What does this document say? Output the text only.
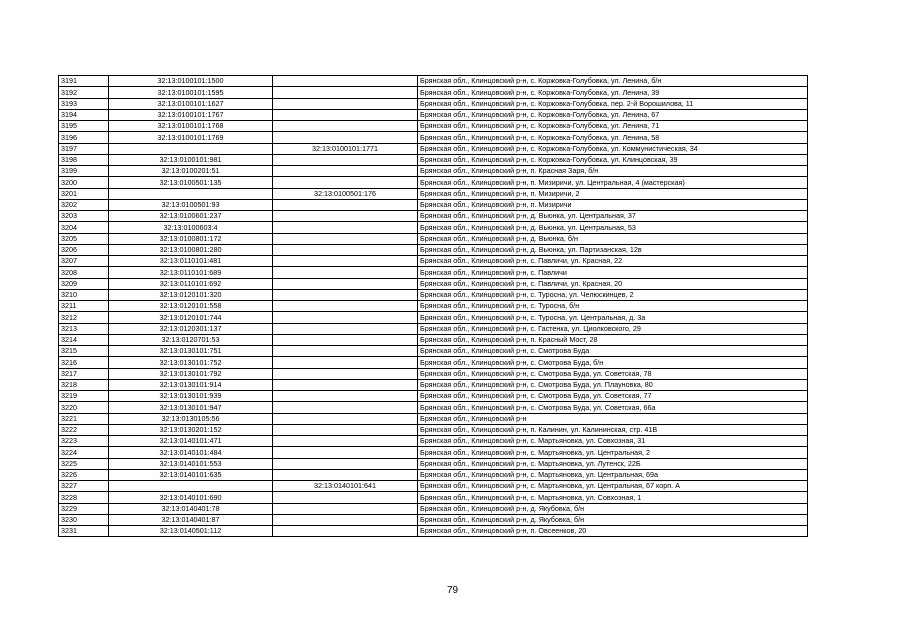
3191	32:13:0100101:1500		Брянская обл., Клинцовский р-н, с. Коржовка-Голубовка, ул. Ленина, б/н
3192	32:13:0100101:1595		Брянская обл., Клинцовский р-н, с. Коржовка-Голубовка, ул. Ленина, 39
3193	32:13:0100101:1627		Брянская обл., Клинцовский р-н, с. Коржовка-Голубовка, пер. 2-й Ворошилова, 11
3194	32:13:0100101:1767		Брянская обл., Клинцовский р-н, с. Коржовка-Голубовка, ул. Ленина, 67
3195	32:13:0100101:1768		Брянская обл., Клинцовский р-н, с. Коржовка-Голубовка, ул. Ленина, 71
3196	32:13:0100101:1769		Брянская обл., Клинцовский р-н, с. Коржовка-Голубовка, ул. Ленина, 58
3197		32:13:0100101:1771	Брянская обл., Клинцовский р-н, с. Коржовка-Голубовка, ул. Коммунистическая, 34
3198	32:13:0100101:981		Брянская обл., Клинцовский р-н, с. Коржовка-Голубовка, ул. Клинцовская, 39
3199	32:13:0100201:51		Брянская обл., Клинцовский р-н, п. Красная Заря, б/н
3200	32:13:0100501:135		Брянская обл., Клинцовский р-н, п. Мизиричи, ул. Центральная, 4 (мастерская)
3201		32:13:0100501:176	Брянская обл., Клинцовский р-н, п. Мизиричи, 2
3202	32:13:0100501:93		Брянская обл., Клинцовский р-н, п. Мизиричи
3203	32:13:0100601:237		Брянская обл., Клинцовский р-н, д. Вьюнка, ул. Центральная, 37
3204	32:13:0100603:4		Брянская обл., Клинцовский р-н, д. Вьюнка, ул. Центральная, 53
3205	32:13:0100801:172		Брянская обл., Клинцовский р-н, д. Вьюнка, б/н
3206	32:13:0100801:280		Брянская обл., Клинцовский р-н, д. Вьюнка, ул. Партизанская, 12в
3207	32:13:0110101:481		Брянская обл., Клинцовский р-н, с. Павличи, ул. Красная, 22
3208	32:13:0110101:689		Брянская обл., Клинцовский р-н, с. Павличи
3209	32:13:0110101:692		Брянская обл., Клинцовский р-н, с. Павличи, ул. Красная, 20
3210	32:13:0120101:320		Брянская обл., Клинцовский р-н, с. Туросна, ул. Челюскинцев, 2
3211	32:13:0120101:558		Брянская обл., Клинцовский р-н, с. Туросна, б/н
3212	32:13:0120101:744		Брянская обл., Клинцовский р-н, с. Туросна, ул. Центральная, д. 3а
3213	32:13:0120301:137		Брянская обл., Клинцовский р-н, с. Гастенка, ул. Циолковского, 29
3214	32:13:0120701:53		Брянская обл., Клинцовский р-н, п. Красный Мост, 28
3215	32:13:0130101:751		Брянская обл., Клинцовский р-н, с. Смотрова Буда
3216	32:13:0130101:752		Брянская обл., Клинцовский р-н, с. Смотрова Буда, б/н
3217	32:13:0130101:792		Брянская обл., Клинцовский р-н, с. Смотрова Буда, ул. Советская, 78
3218	32:13:0130101:914		Брянская обл., Клинцовский р-н, с. Смотрова Буда, ул. Плауновка, 80
3219	32:13:0130101:939		Брянская обл., Клинцовский р-н, с. Смотрова Буда, ул. Советская, 77
3220	32:13:0130101:947		Брянская обл., Клинцовский р-н, с. Смотрова Буда, ул. Советская, 66а
3221	32:13:0130105:56		Брянская обл., Клинцовский р-н
3222	32:13:0130201:152		Брянская обл., Клинцовский р-н, п. Калинин, ул. Калининская, стр. 41В
3223	32:13:0140101:471		Брянская обл., Клинцовский р-н, с. Мартьяновка, ул. Совхозная, 31
3224	32:13:0140101:484		Брянская обл., Клинцовский р-н, с. Мартьяновка, ул. Центральная, 2
3225	32:13:0140101:553		Брянская обл., Клинцовский р-н, с. Мартьяновка, ул. Лутенск, 22Б
3226	32:13:0140101:635		Брянская обл., Клинцовский р-н, с. Мартьяновка, ул. Центральная, 69а
3227		32:13:0140101:641	Брянская обл., Клинцовский р-н, с. Мартьяновка, ул. Центральная, 67 корп. А
3228	32:13:0140101:690		Брянская обл., Клинцовский р-н, с. Мартьяновка, ул. Совхозная, 1
3229	32:13:0140401:78		Брянская обл., Клинцовский р-н, д. Якубовка, б/н
3230	32:13:0140401:87		Брянская обл., Клинцовский р-н, д. Якубовка, б/н
3231	32:13:0140501:112		Брянская обл., Клинцовский р-н, п. Овсеенков, 20
79
